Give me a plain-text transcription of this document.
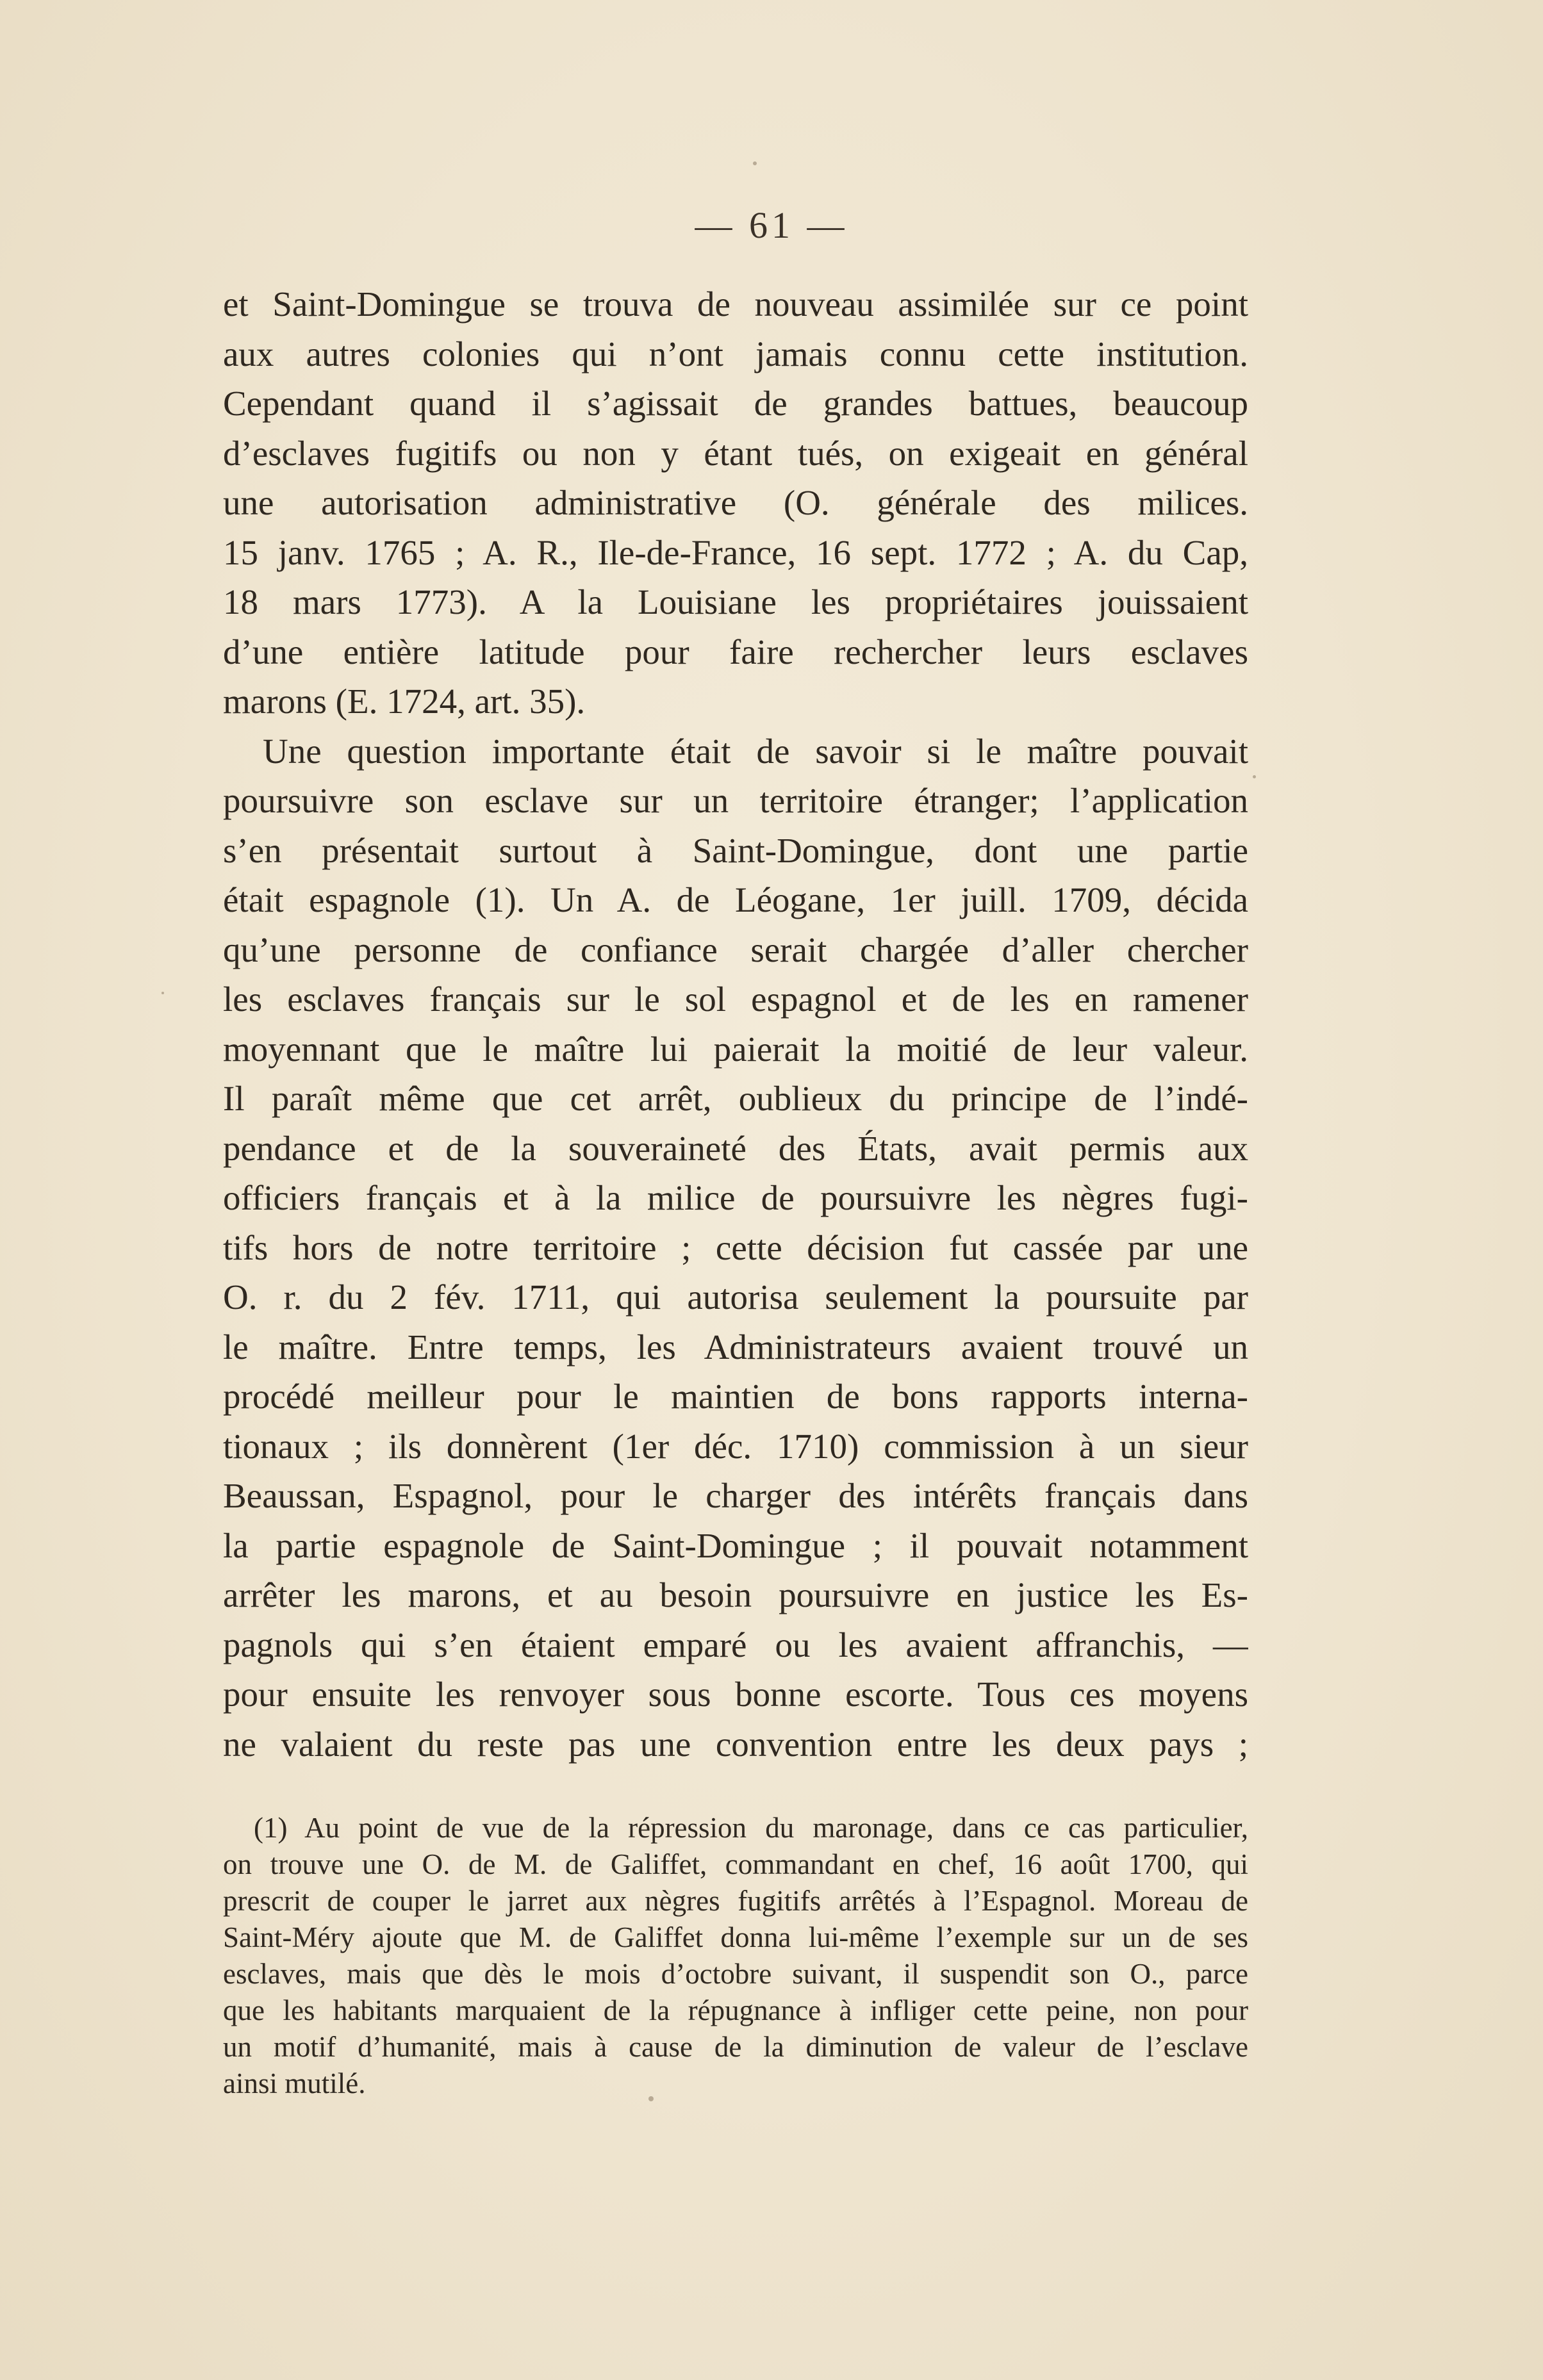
— 61 —
et Saint-Domingue se trouva de nouveau assimilée sur ce point
aux autres colonies qui n’ont jamais connu cette institution.
Cependant quand il s’agissait de grandes battues, beaucoup
d’esclaves fugitifs ou non y étant tués, on exigeait en général
une autorisation administrative (O. générale des milices.
15 janv. 1765 ; A. R., Ile-de-France, 16 sept. 1772 ; A. du Cap,
18 mars 1773). A la Louisiane les propriétaires jouissaient
d’une entière latitude pour faire rechercher leurs esclaves
marons (E. 1724, art. 35).
Une question importante était de savoir si le maître pouvait
poursuivre son esclave sur un territoire étranger; l’application
s’en présentait surtout à Saint-Domingue, dont une partie
était espagnole (1). Un A. de Léogane, 1er juill. 1709, décida
qu’une personne de confiance serait chargée d’aller chercher
les esclaves français sur le sol espagnol et de les en ramener
moyennant que le maître lui paierait la moitié de leur valeur.
Il paraît même que cet arrêt, oublieux du principe de l’indé-
pendance et de la souveraineté des États, avait permis aux
officiers français et à la milice de poursuivre les nègres fugi-
tifs hors de notre territoire ; cette décision fut cassée par une
O. r. du 2 fév. 1711, qui autorisa seulement la poursuite par
le maître. Entre temps, les Administrateurs avaient trouvé un
procédé meilleur pour le maintien de bons rapports interna-
tionaux ; ils donnèrent (1er déc. 1710) commission à un sieur
Beaussan, Espagnol, pour le charger des intérêts français dans
la partie espagnole de Saint-Domingue ; il pouvait notamment
arrêter les marons, et au besoin poursuivre en justice les Es-
pagnols qui s’en étaient emparé ou les avaient affranchis, —
pour ensuite les renvoyer sous bonne escorte. Tous ces moyens
ne valaient du reste pas une convention entre les deux pays ;
(1) Au point de vue de la répression du maronage, dans ce cas particulier,
on trouve une O. de M. de Galiffet, commandant en chef, 16 août 1700, qui
prescrit de couper le jarret aux nègres fugitifs arrêtés à l’Espagnol. Moreau de
Saint-Méry ajoute que M. de Galiffet donna lui-même l’exemple sur un de ses
esclaves, mais que dès le mois d’octobre suivant, il suspendit son O., parce
que les habitants marquaient de la répugnance à infliger cette peine, non pour
un motif d’humanité, mais à cause de la diminution de valeur de l’esclave
ainsi mutilé.
